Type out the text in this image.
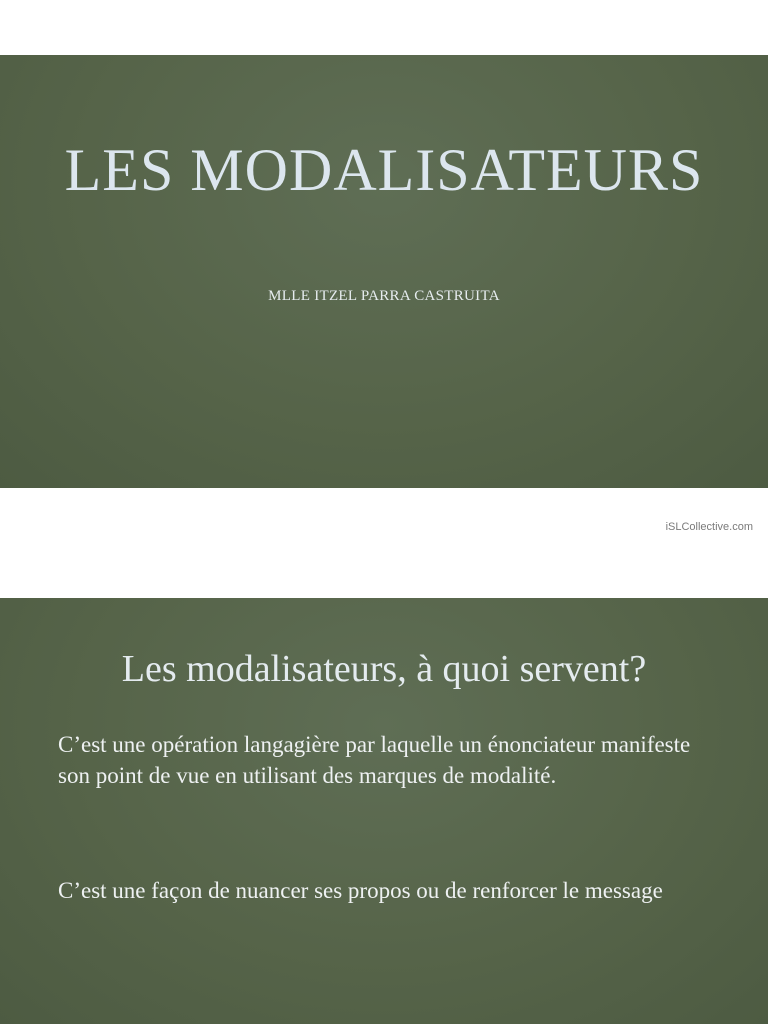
LES MODALISATEURS
MLLE ITZEL PARRA CASTRUITA
iSLCollective.com
Les modalisateurs, à quoi servent?

C’est une opération langagière par laquelle un énonciateur manifeste son point de vue en utilisant des marques de modalité.

C’est une façon de nuancer ses propos ou de renforcer le message
